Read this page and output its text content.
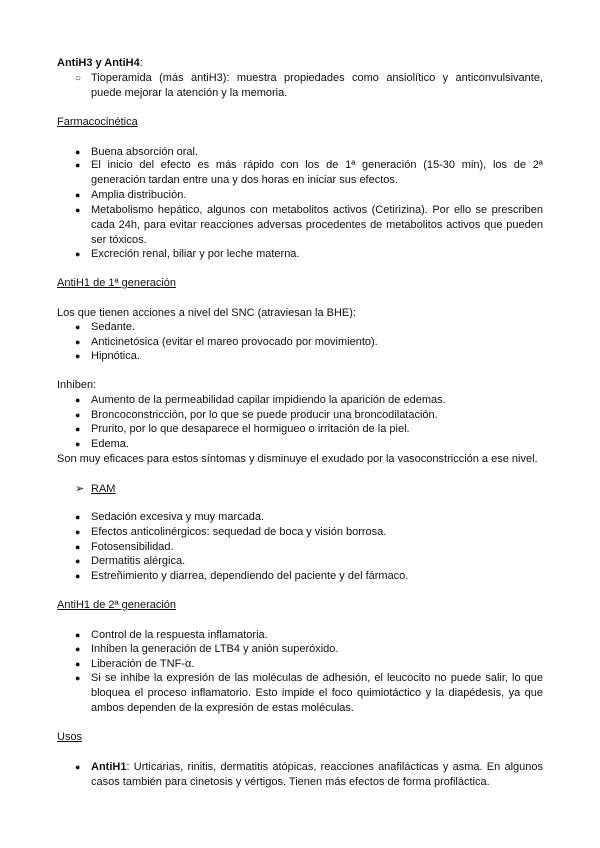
AntiH3 y AntiH4:
○ Tioperamida (más antiH3): muestra propiedades como ansiolítico y anticonvulsivante,
puede mejorar la atención y la memoria.
Farmacocinética
● Buena absorción oral.
● El inicio del efecto es más rápido con los de 1ª generación (15-30 min), los de 2ª
generación tardan entre una y dos horas en iniciar sus efectos.
● Amplia distribución.
● Metabolismo hepático, algunos con metabolitos activos (Cetirizina). Por ello se prescriben
cada 24h, para evitar reacciones adversas procedentes de metabolitos activos que pueden
ser tóxicos.
● Excreción renal, biliar y por leche materna.
AntiH1 de 1ª generación
Los que tienen acciones a nivel del SNC (atraviesan la BHE):
● Sedante.
● Anticinetósica (evitar el mareo provocado por movimiento).
● Hipnótica.
Inhiben:
● Aumento de la permeabilidad capilar impidiendo la aparición de edemas.
● Broncoconstricción, por lo que se puede producir una broncodilatación.
● Prurito, por lo que desaparece el hormigueo o irritación de la piel.
● Edema.
Son muy eficaces para estos síntomas y disminuye el exudado por la vasoconstricción a ese nivel.
➢ RAM
● Sedación excesiva y muy marcada.
● Efectos anticolinérgicos: sequedad de boca y visión borrosa.
● Fotosensibilidad.
● Dermatitis alérgica.
● Estreñimiento y diarrea, dependiendo del paciente y del fármaco.
AntiH1 de 2ª generación
● Control de la respuesta inflamatoria.
● Inhiben la generación de LTB4 y anión superóxido.
● Liberación de TNF-α.
● Si se inhibe la expresión de las moléculas de adhesión, el leucocito no puede salir, lo que
bloquea el proceso inflamatorio. Esto impide el foco quimiotáctico y la diapédesis, ya que
ambos dependen de la expresión de estas moléculas.
Usos
● AntiH1: Urticarias, rinitis, dermatitis atópicas, reacciones anafilácticas y asma. En algunos
casos también para cinetosis y vértigos. Tienen más efectos de forma profiláctica.
